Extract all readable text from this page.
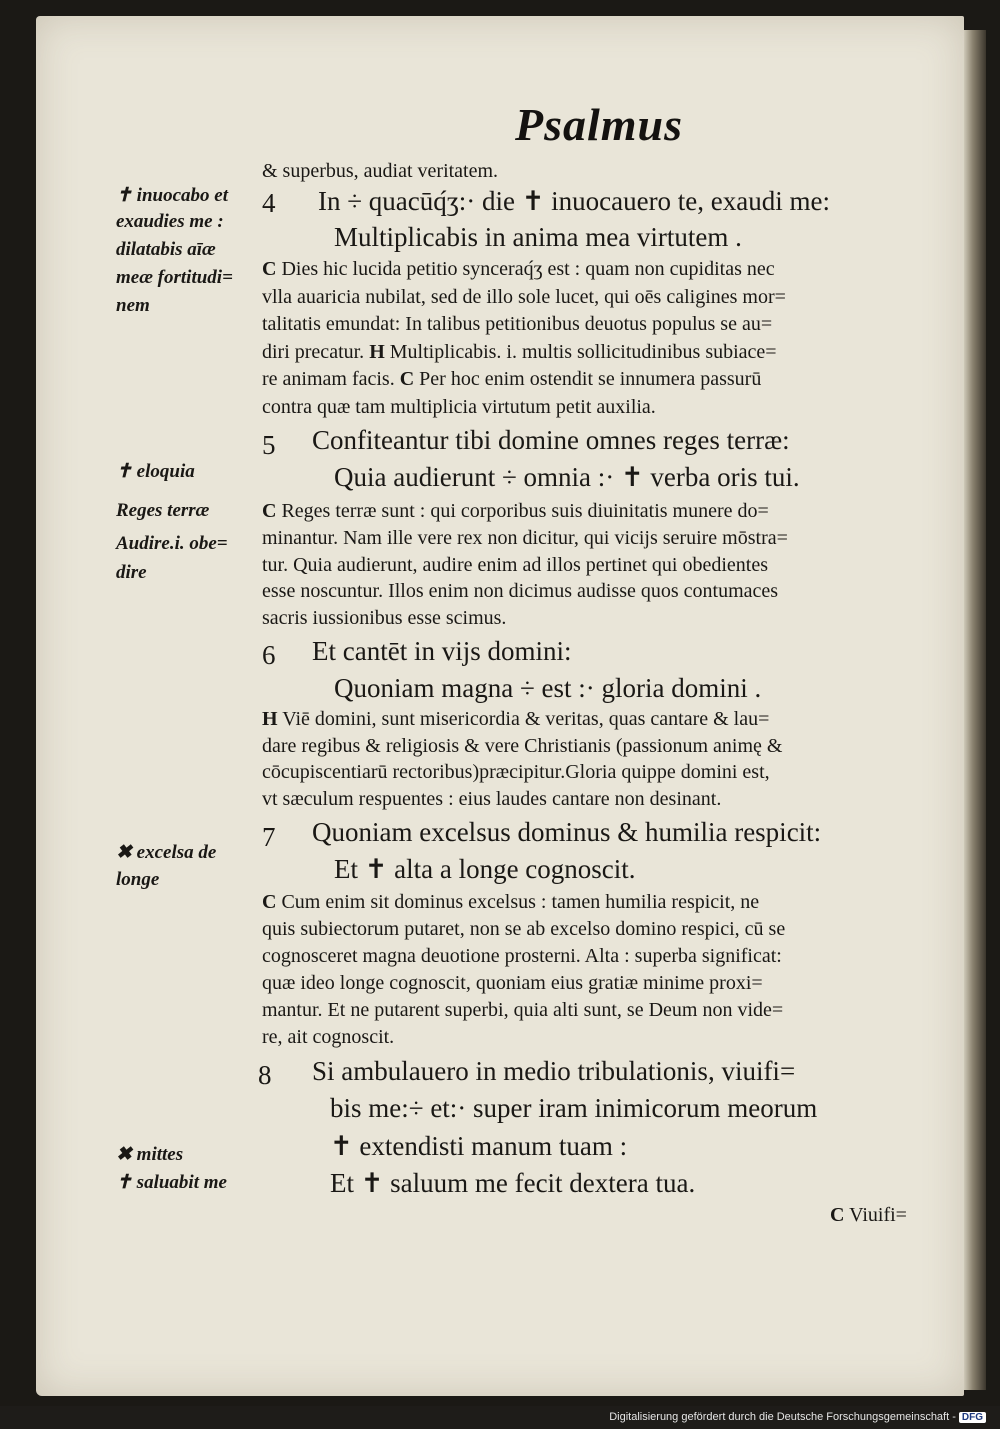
Psalmus
✝ inuocabo et
exaudies me :
dilatabis aīæ
meæ fortitudi=
nem
✝ eloquia
Reges terræ
Audire.i. obe=
dire
✖ excelsa de
longe
✖ mittes
✝ saluabit me
& superbus, audiat veritatem.
4 In ÷ quacūq́ʒ:· die ✝ inuocauero te, exaudi me:
Multiplicabis in anima mea virtutem .
C Dies hic lucida petitio synceraq́ʒ est : quam non cupiditas nec
vlla auaricia nubilat, sed de illo sole lucet, qui oēs caligines mor=
talitatis emundat: In talibus petitionibus deuotus populus se au=
diri precatur. H Multiplicabis. i. multis sollicitudinibus subiace=
re animam facis. C Per hoc enim ostendit se innumera passurū
contra quæ tam multiplicia virtutum petit auxilia.
5 Confiteantur tibi domine omnes reges terræ:
Quia audierunt ÷ omnia :· ✝ verba oris tui.
C Reges terræ sunt : qui corporibus suis diuinitatis munere do=
minantur. Nam ille vere rex non dicitur, qui vicijs seruire mōstra=
tur. Quia audierunt, audire enim ad illos pertinet qui obedientes
esse noscuntur. Illos enim non dicimus audisse quos contumaces
sacris iussionibus esse scimus.
6 Et cantēt in vijs domini:
Quoniam magna ÷ est :· gloria domini .
H Viē domini, sunt misericordia & veritas, quas cantare & lau=
dare regibus & religiosis & vere Christianis (passionum animę &
cōcupiscentiarū rectoribus)præcipitur.Gloria quippe domini est,
vt sæculum respuentes : eius laudes cantare non desinant.
7 Quoniam excelsus dominus & humilia respicit:
Et ✝ alta a longe cognoscit.
C Cum enim sit dominus excelsus : tamen humilia respicit, ne
quis subiectorum putaret, non se ab excelso domino respici, cū se
cognosceret magna deuotione prosterni. Alta : superba significat:
quæ ideo longe cognoscit, quoniam eius gratiæ minime proxi=
mantur. Et ne putarent superbi, quia alti sunt, se Deum non vide=
re, ait cognoscit.
8 Si ambulauero in medio tribulationis, viuifi=
bis me:÷ et:· super iram inimicorum meorum
✝ extendisti manum tuam :
Et ✝ saluum me fecit dextera tua.
C Viuifi=
Digitalisierung gefördert durch die Deutsche Forschungsgemeinschaft - DFG
